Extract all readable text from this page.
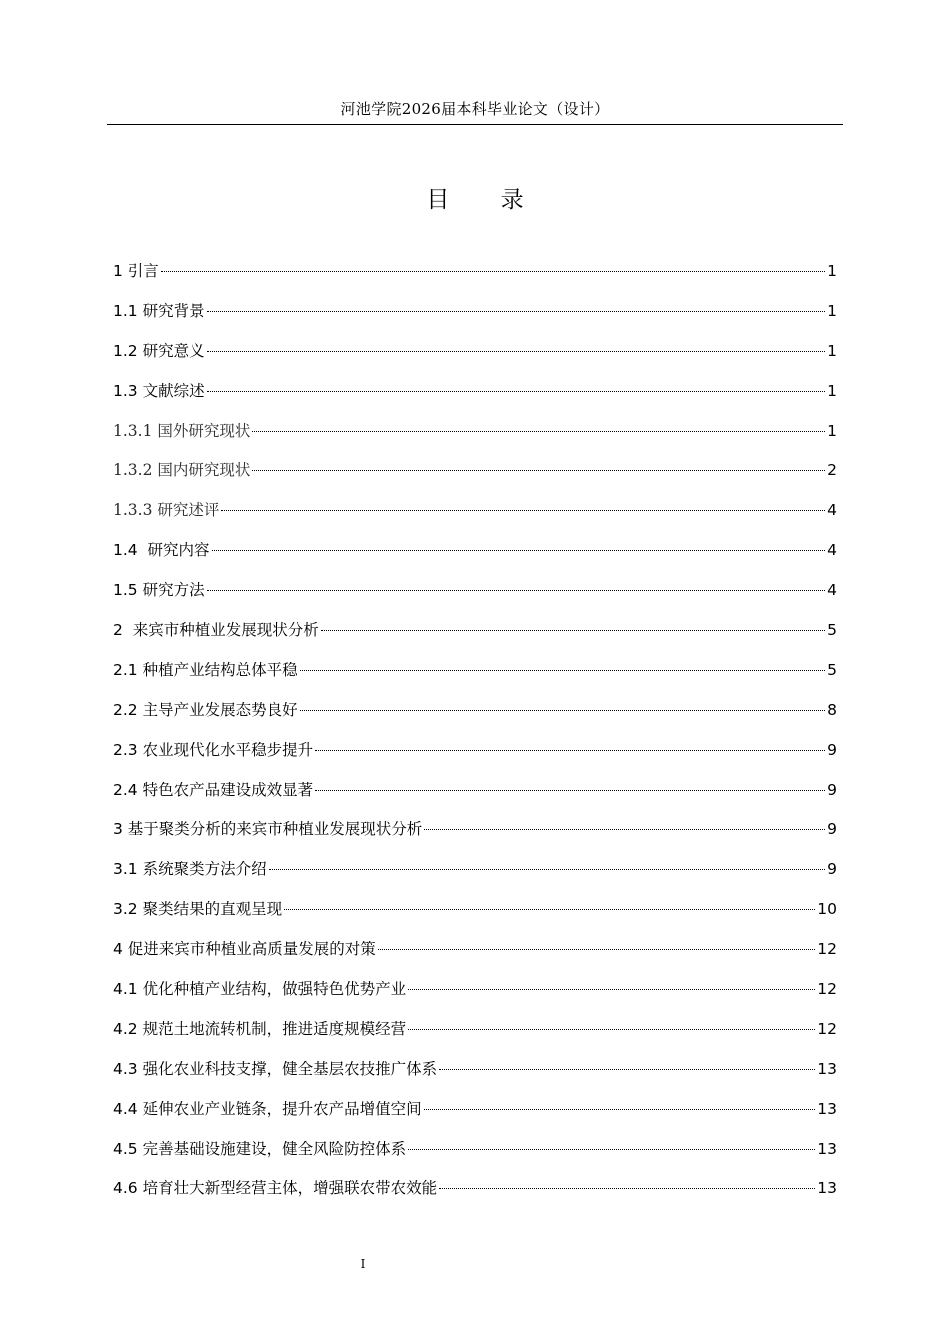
河池学院2026届本科毕业论文（设计）
目 录
1 引言	1
1.1 研究背景	1
1.2 研究意义	1
1.3 文献综述	1
1.3.1 国外研究现状	1
1.3.2 国内研究现状	2
1.3.3 研究述评	4
1.4  研究内容	4
1.5 研究方法	4
2  来宾市种植业发展现状分析	5
2.1 种植产业结构总体平稳	5
2.2 主导产业发展态势良好	8
2.3 农业现代化水平稳步提升	9
2.4 特色农产品建设成效显著	9
3 基于聚类分析的来宾市种植业发展现状分析	9
3.1 系统聚类方法介绍	9
3.2 聚类结果的直观呈现	10
4 促进来宾市种植业高质量发展的对策	12
4.1 优化种植产业结构，做强特色优势产业	12
4.2 规范土地流转机制，推进适度规模经营	12
4.3 强化农业科技支撑，健全基层农技推广体系	13
4.4 延伸农业产业链条，提升农产品增值空间	13
4.5 完善基础设施建设，健全风险防控体系	13
4.6 培育壮大新型经营主体，增强联农带农效能	13
I
